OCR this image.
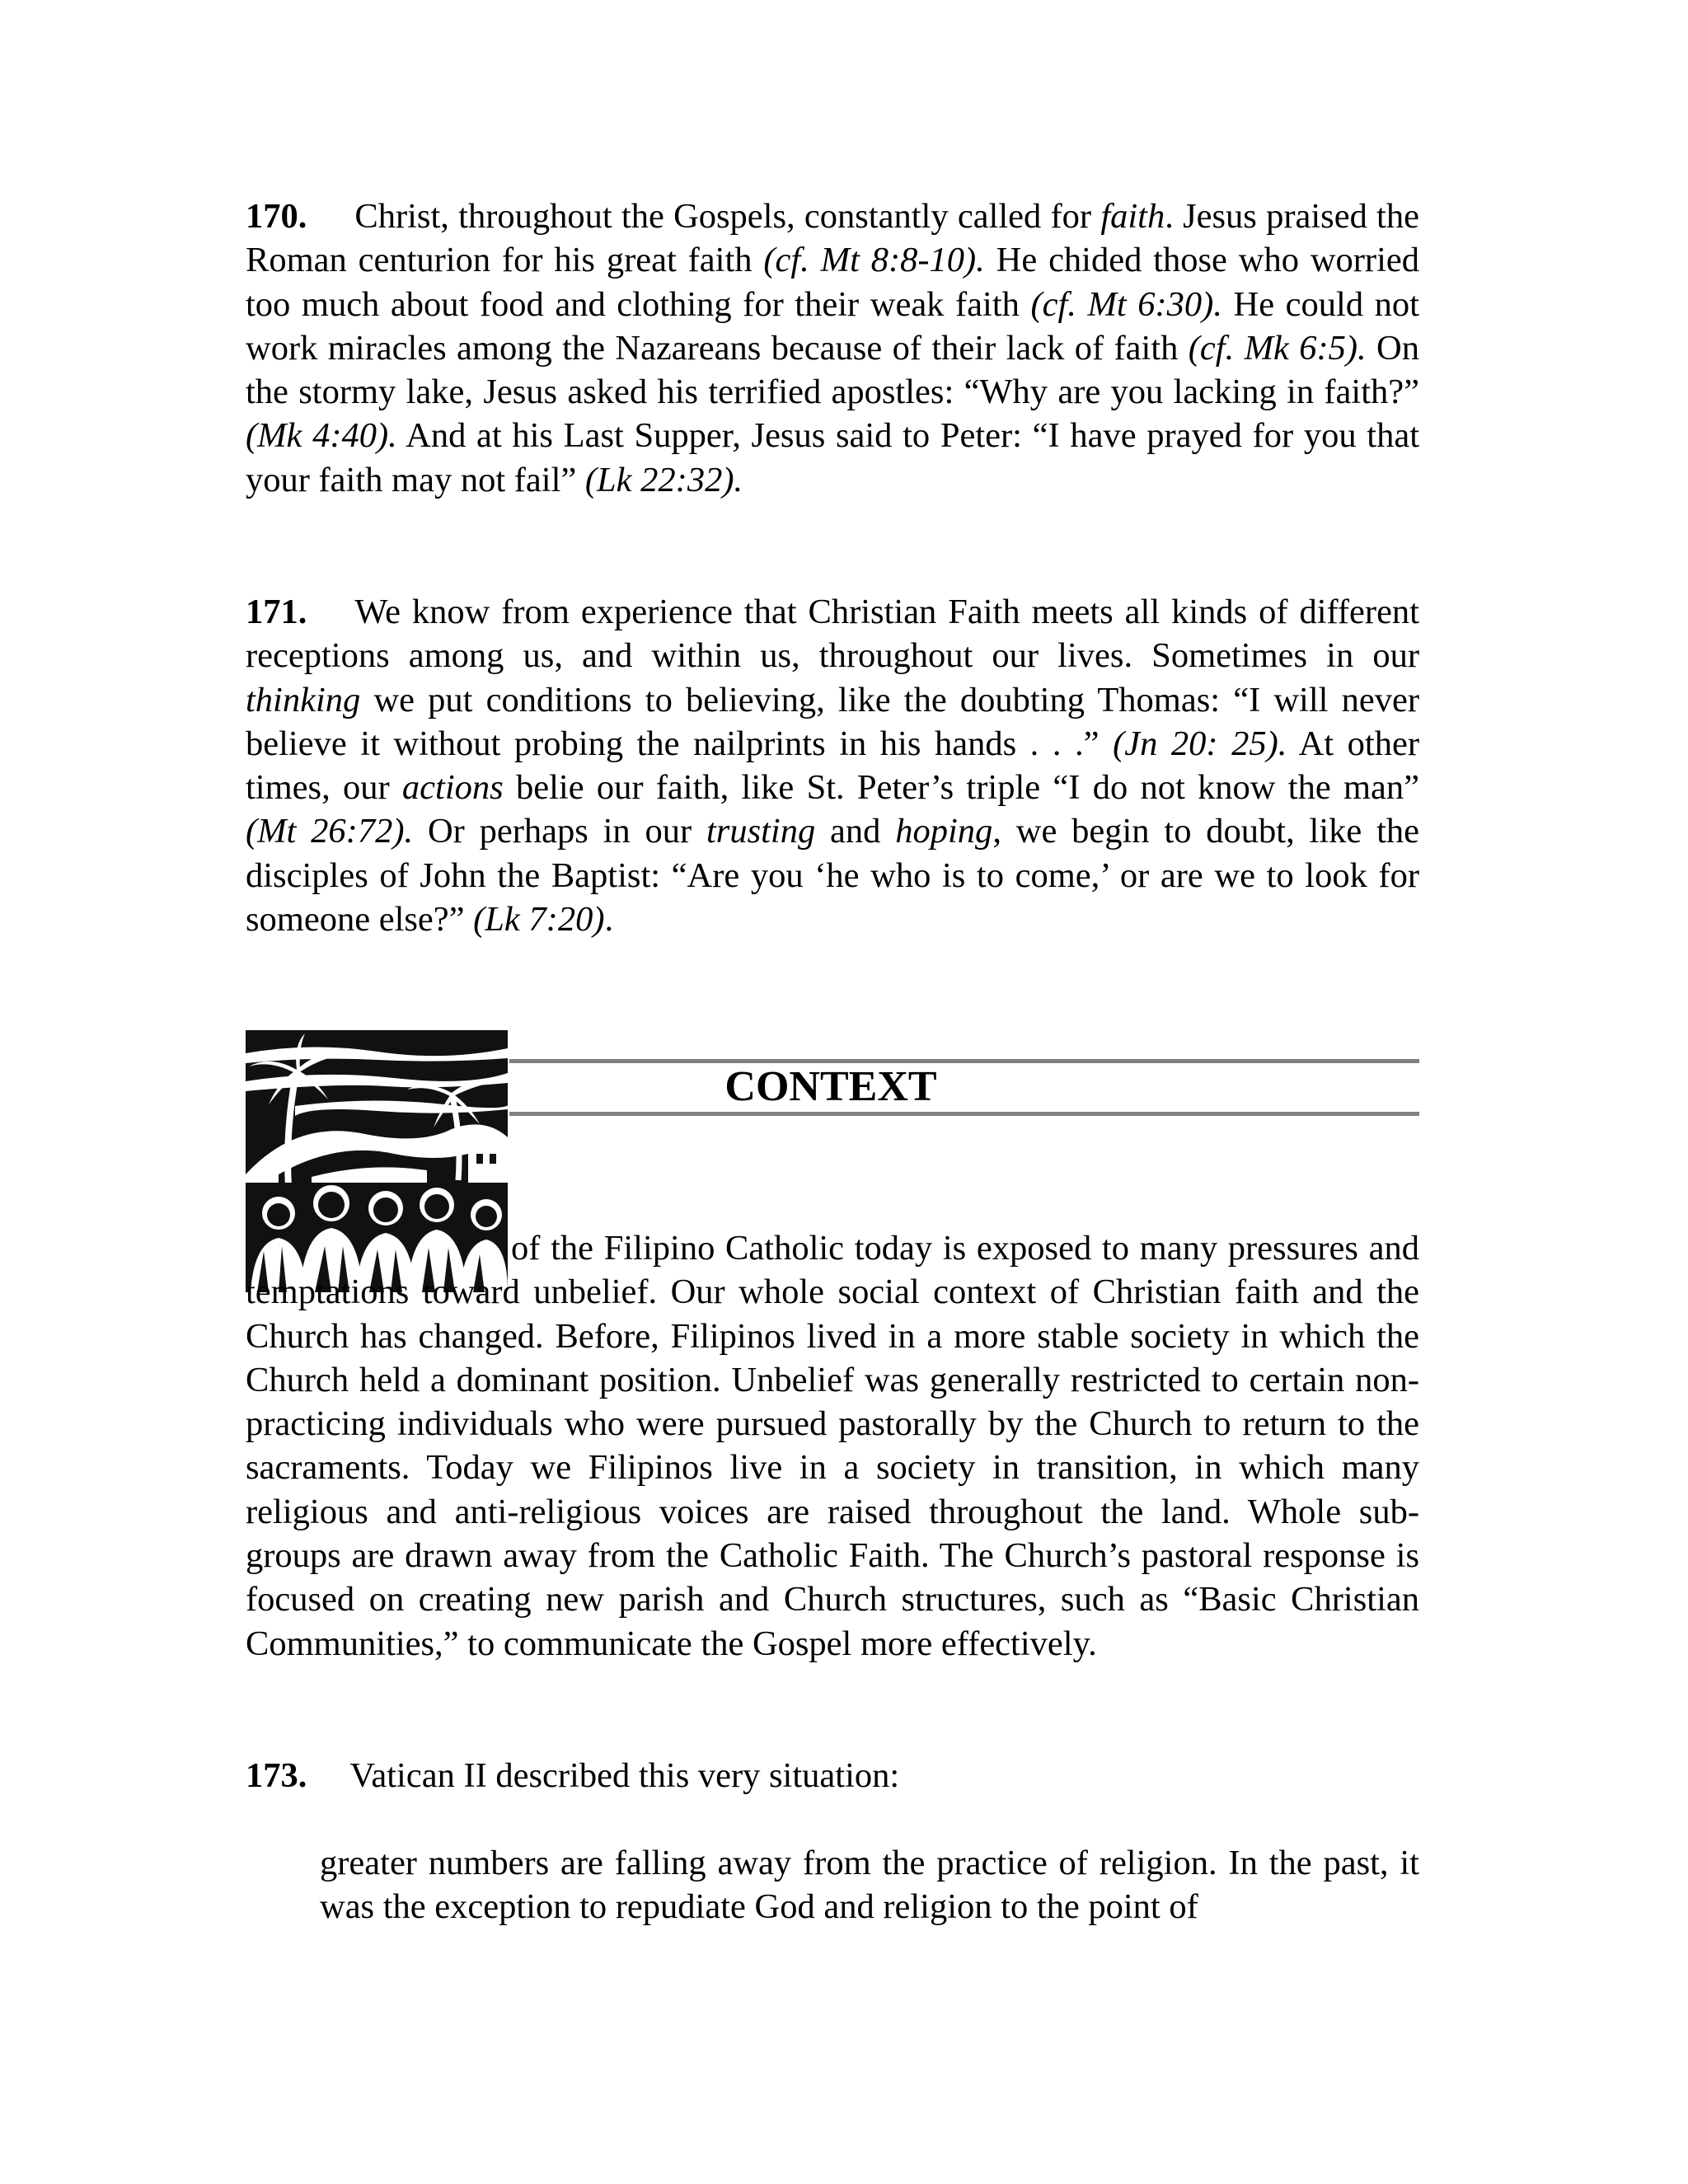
170. Christ, throughout the Gospels, constantly called for faith. Jesus praised the Roman centurion for his great faith (cf. Mt 8:8-10). He chided those who worried too much about food and clothing for their weak faith (cf. Mt 6:30). He could not work miracles among the Nazareans because of their lack of faith (cf. Mk 6:5). On the stormy lake, Jesus asked his terrified apostles: “Why are you lacking in faith?” (Mk 4:40). And at his Last Supper, Jesus said to Peter: “I have prayed for you that your faith may not fail” (Lk 22:32).

171. We know from experience that Christian Faith meets all kinds of different receptions among us, and within us, throughout our lives. Sometimes in our thinking we put conditions to believing, like the doubting Thomas: “I will never believe it without probing the nailprints in his hands . . .” (Jn 20: 25). At other times, our actions belie our faith, like St. Peter’s triple “I do not know the man” (Mt 26:72). Or perhaps in our trusting and hoping, we begin to doubt, like the disciples of John the Baptist: “Are you ‘he who is to come,’ or are we to look for someone else?” (Lk 7:20).

CONTEXT

of the Filipino Catholic today is exposed to many pressures and temptations toward unbelief. Our whole social context of Christian faith and the Church has changed. Before, Filipinos lived in a more stable society in which the Church held a dominant position. Unbelief was generally restricted to certain non-practicing individuals who were pursued pastorally by the Church to return to the sacraments. Today we Filipinos live in a society in transition, in which many religious and anti-religious voices are raised throughout the land. Whole sub-groups are drawn away from the Catholic Faith. The Church’s pastoral response is focused on creating new parish and Church structures, such as “Basic Christian Communities,” to communicate the Gospel more effectively.

173. Vatican II described this very situation:

greater numbers are falling away from the practice of religion. In the past, it was the exception to repudiate God and religion to the point of
